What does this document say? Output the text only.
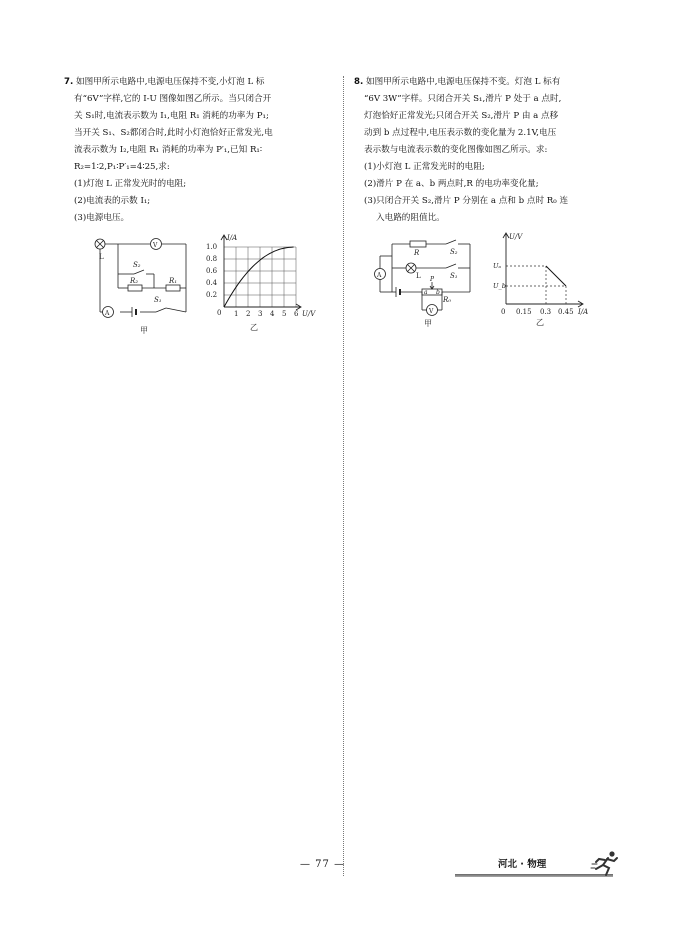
7. 如图甲所示电路中,电源电压保持不变,小灯泡 L 标

有“6V”字样,它的 I-U 图像如图乙所示。当只闭合开

关 S₁时,电流表示数为 I₁,电阻 R₁ 消耗的功率为 P₁;

当开关 S₁、S₂都闭合时,此时小灯泡恰好正常发光,电

流表示数为 I₂,电阻 R₁ 消耗的功率为 P′₁,已知 R₁∶

R₂=1∶2,P₁∶P′₁=4∶25,求:

(1)灯泡 L 正常发光时的电阻;

(2)电流表的示数 I₁;

(3)电源电压。

8. 如图甲所示电路中,电源电压保持不变。灯泡 L 标有

“6V 3W”字样。只闭合开关 S₁,滑片 P 处于 a 点时,

灯泡恰好正常发光;只闭合开关 S₂,滑片 P 由 a 点移

动到 b 点过程中,电压表示数的变化量为 2.1V,电压

表示数与电流表示数的变化图像如图乙所示。求:

(1)小灯泡 L 正常发光时的电阻;

(2)滑片 P 在 a、b 两点时,R 的电功率变化量;

(3)只闭合开关 S₂,滑片 P 分别在 a 点和 b 点时 R₀ 连

入电路的阻值比。

L
V
S₂
R₂	R₁
A
S₁
甲
I/A
U/V
0
1.0
0.8
0.6
0.4
0.2
1 2 3 4 5 6
乙
R	S₂
A	L	S₁
P
a b
R₀
V
甲
U/V
I/A
Uₐ
U_b
0 0.15 0.3 0.45
乙
— 77 —	河北 · 物理
